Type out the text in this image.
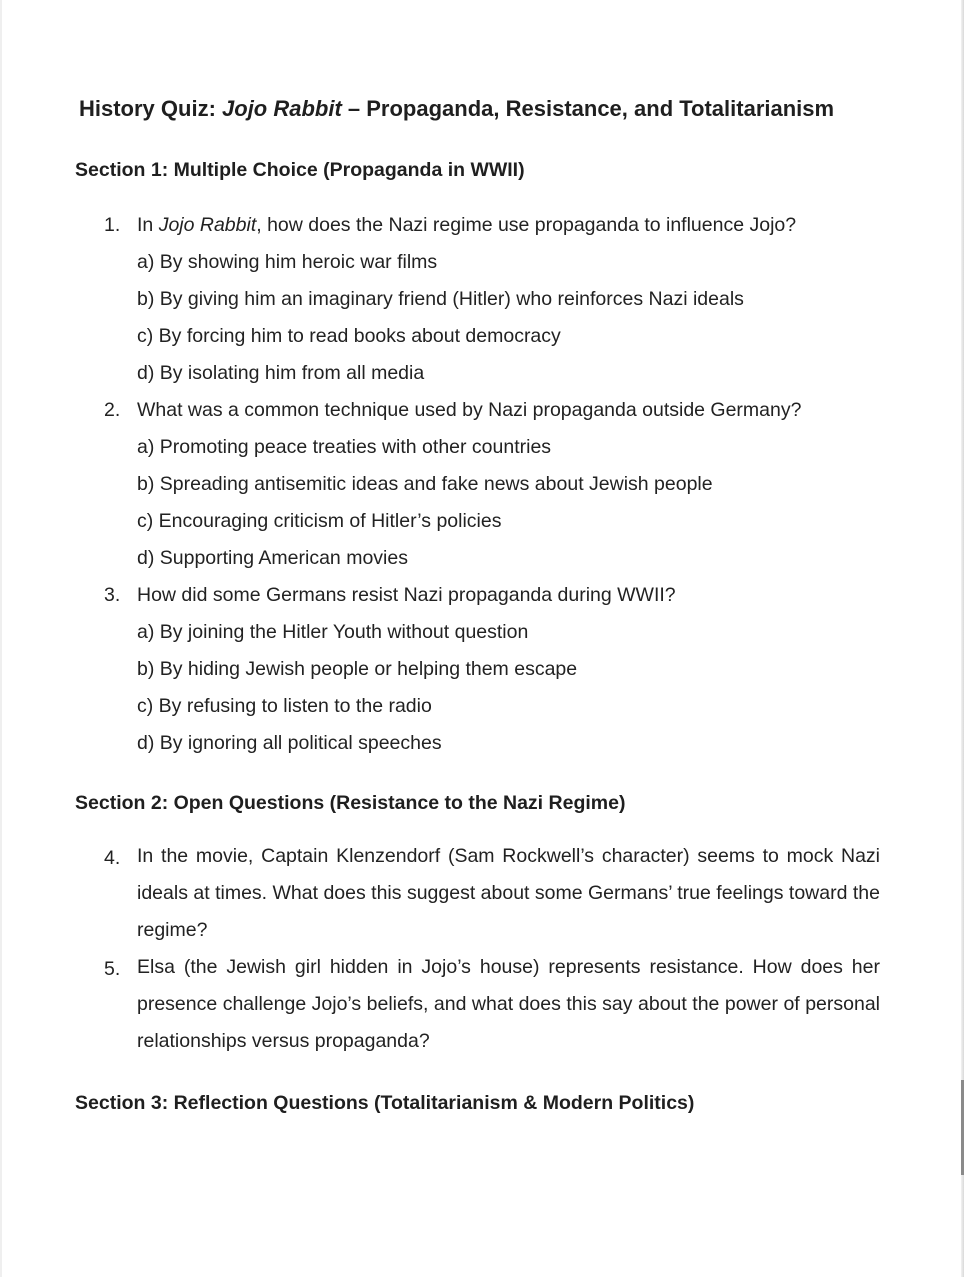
History Quiz: Jojo Rabbit – Propaganda, Resistance, and Totalitarianism
Section 1: Multiple Choice (Propaganda in WWII)
1. In Jojo Rabbit, how does the Nazi regime use propaganda to influence Jojo?
a) By showing him heroic war films
b) By giving him an imaginary friend (Hitler) who reinforces Nazi ideals
c) By forcing him to read books about democracy
d) By isolating him from all media
2. What was a common technique used by Nazi propaganda outside Germany?
a) Promoting peace treaties with other countries
b) Spreading antisemitic ideas and fake news about Jewish people
c) Encouraging criticism of Hitler’s policies
d) Supporting American movies
3. How did some Germans resist Nazi propaganda during WWII?
a) By joining the Hitler Youth without question
b) By hiding Jewish people or helping them escape
c) By refusing to listen to the radio
d) By ignoring all political speeches
Section 2: Open Questions (Resistance to the Nazi Regime)
4. In the movie, Captain Klenzendorf (Sam Rockwell’s character) seems to mock Nazi ideals at times. What does this suggest about some Germans’ true feelings toward the regime?
5. Elsa (the Jewish girl hidden in Jojo’s house) represents resistance. How does her presence challenge Jojo’s beliefs, and what does this say about the power of personal relationships versus propaganda?
Section 3: Reflection Questions (Totalitarianism & Modern Politics)
